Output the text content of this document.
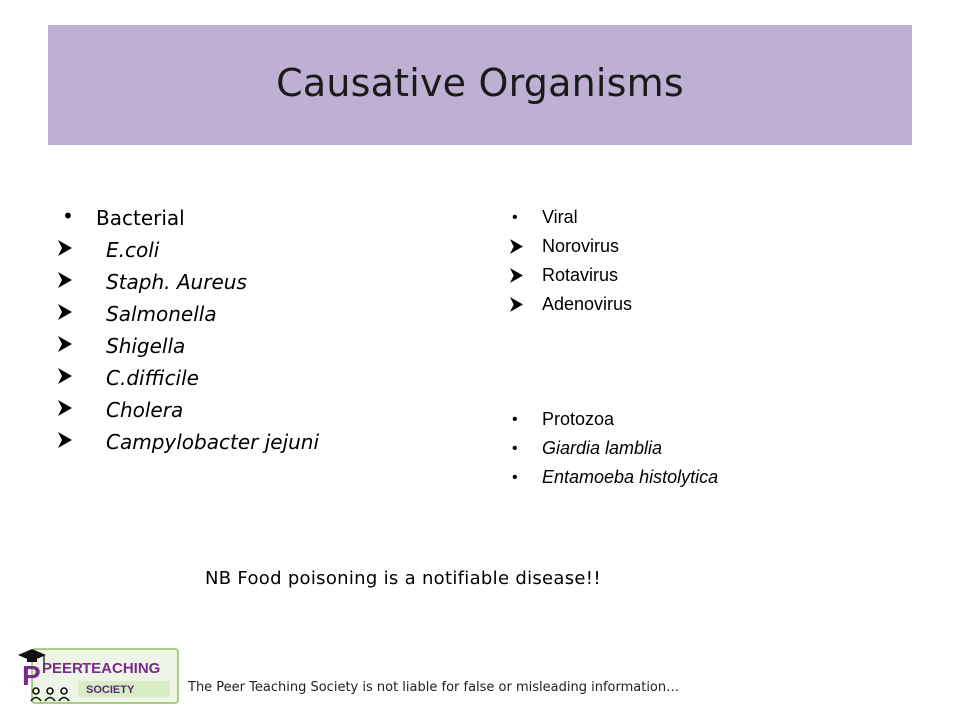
Causative Organisms
• Bacterial
E.coli
Staph. Aureus
Salmonella
Shigella
C.difficile
Cholera
Campylobacter jejuni
• Viral
Norovirus
Rotavirus
Adenovirus
• Protozoa
• Giardia lamblia
• Entamoeba histolytica
NB Food poisoning is a notifiable disease!!
P PEER TEACHING
SOCIETY	The Peer Teaching Society is not liable for false or misleading information…
